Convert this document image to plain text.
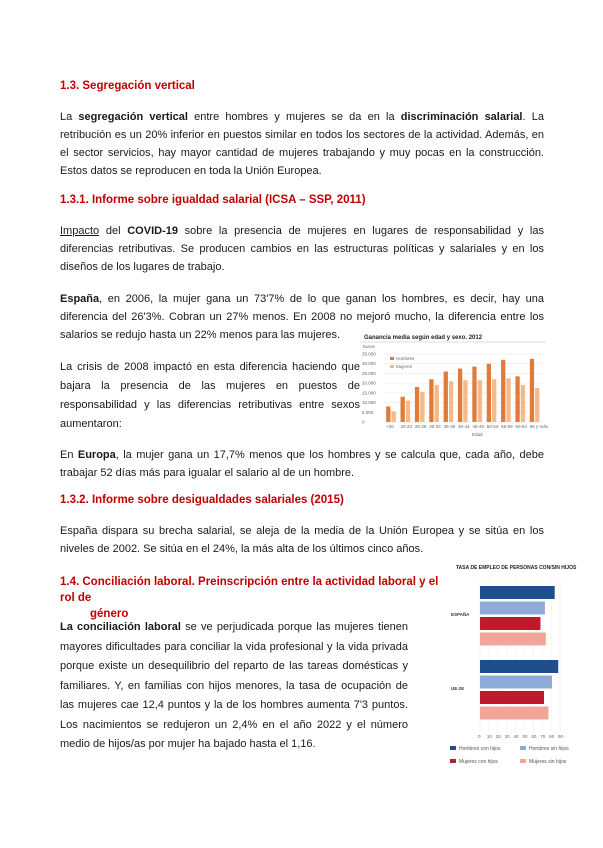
1.3. Segregación vertical
La segregación vertical entre hombres y mujeres se da en la discriminación salarial. La retribución es un 20% inferior en puestos similar en todos los sectores de la actividad. Además, en el sector servicios, hay mayor cantidad de mujeres trabajando y muy pocas en la construcción. Estos datos se reproducen en toda la Unión Europea.
1.3.1. Informe sobre igualdad salarial (ICSA – SSP, 2011)
Impacto del COVID-19 sobre la presencia de mujeres en lugares de responsabilidad y las diferencias retributivas. Se producen cambios en las estructuras políticas y salariales y en los diseños de los lugares de trabajo.
España, en 2006, la mujer gana un 73'7% de lo que ganan los hombres, es decir, hay una diferencia del 26'3%. Cobran un 27% menos. En 2008 no mejoró mucho, la diferencia entre los salarios se redujo hasta un 22% menos para las mujeres.
La crisis de 2008 impactó en esta diferencia haciendo que bajara la presencia de las mujeres en puestos de responsabilidad y las diferencias retributivas entre sexos aumentaron:
Ganancia media según edad y sexo. 2012
Euros
0
5.000
10.000
15.000
20.000
25.000
30.000
35.000
<20 20-24 25-29 30-34 35-39 40-44 45-49 50-54 55-59 60-64 65 y más
Hombres
Mujeres
Edad
En Europa, la mujer gana un 17,7% menos que los hombres y se calcula que, cada año, debe trabajar 52 días más para igualar el salario al de un hombre.
1.3.2. Informe sobre desigualdades salariales (2015)
España dispara su brecha salarial, se aleja de la media de la Unión Europea y se sitúa en los niveles de 2002. Se sitúa en el 24%, la más alta de los últimos cinco años.
1.4. Conciliación laboral. Preinscripción entre la actividad laboral y el rol de
género
La conciliación laboral se ve perjudicada porque las mujeres tienen mayores dificultades para conciliar la vida profesional y la vida privada porque existe un desequilibrio del reparto de las tareas domésticas y familiares. Y, en familias con hijos menores, la tasa de ocupación de las mujeres cae 12,4 puntos y la de los hombres aumenta 7'3 puntos. Los nacimientos se redujeron un 2,4% en el año 2022 y el número medio de hijos/as por mujer ha bajado hasta el 1,16.
TASA DE EMPLEO DE PERSONAS CON/SIN HIJOS
0 10 20 30 40 50 60 70 80 90
ESPAÑA
UE-28
Hombres con hijos	Hombres sin hijos
Mujeres con hijos	Mujeres sin hijos
